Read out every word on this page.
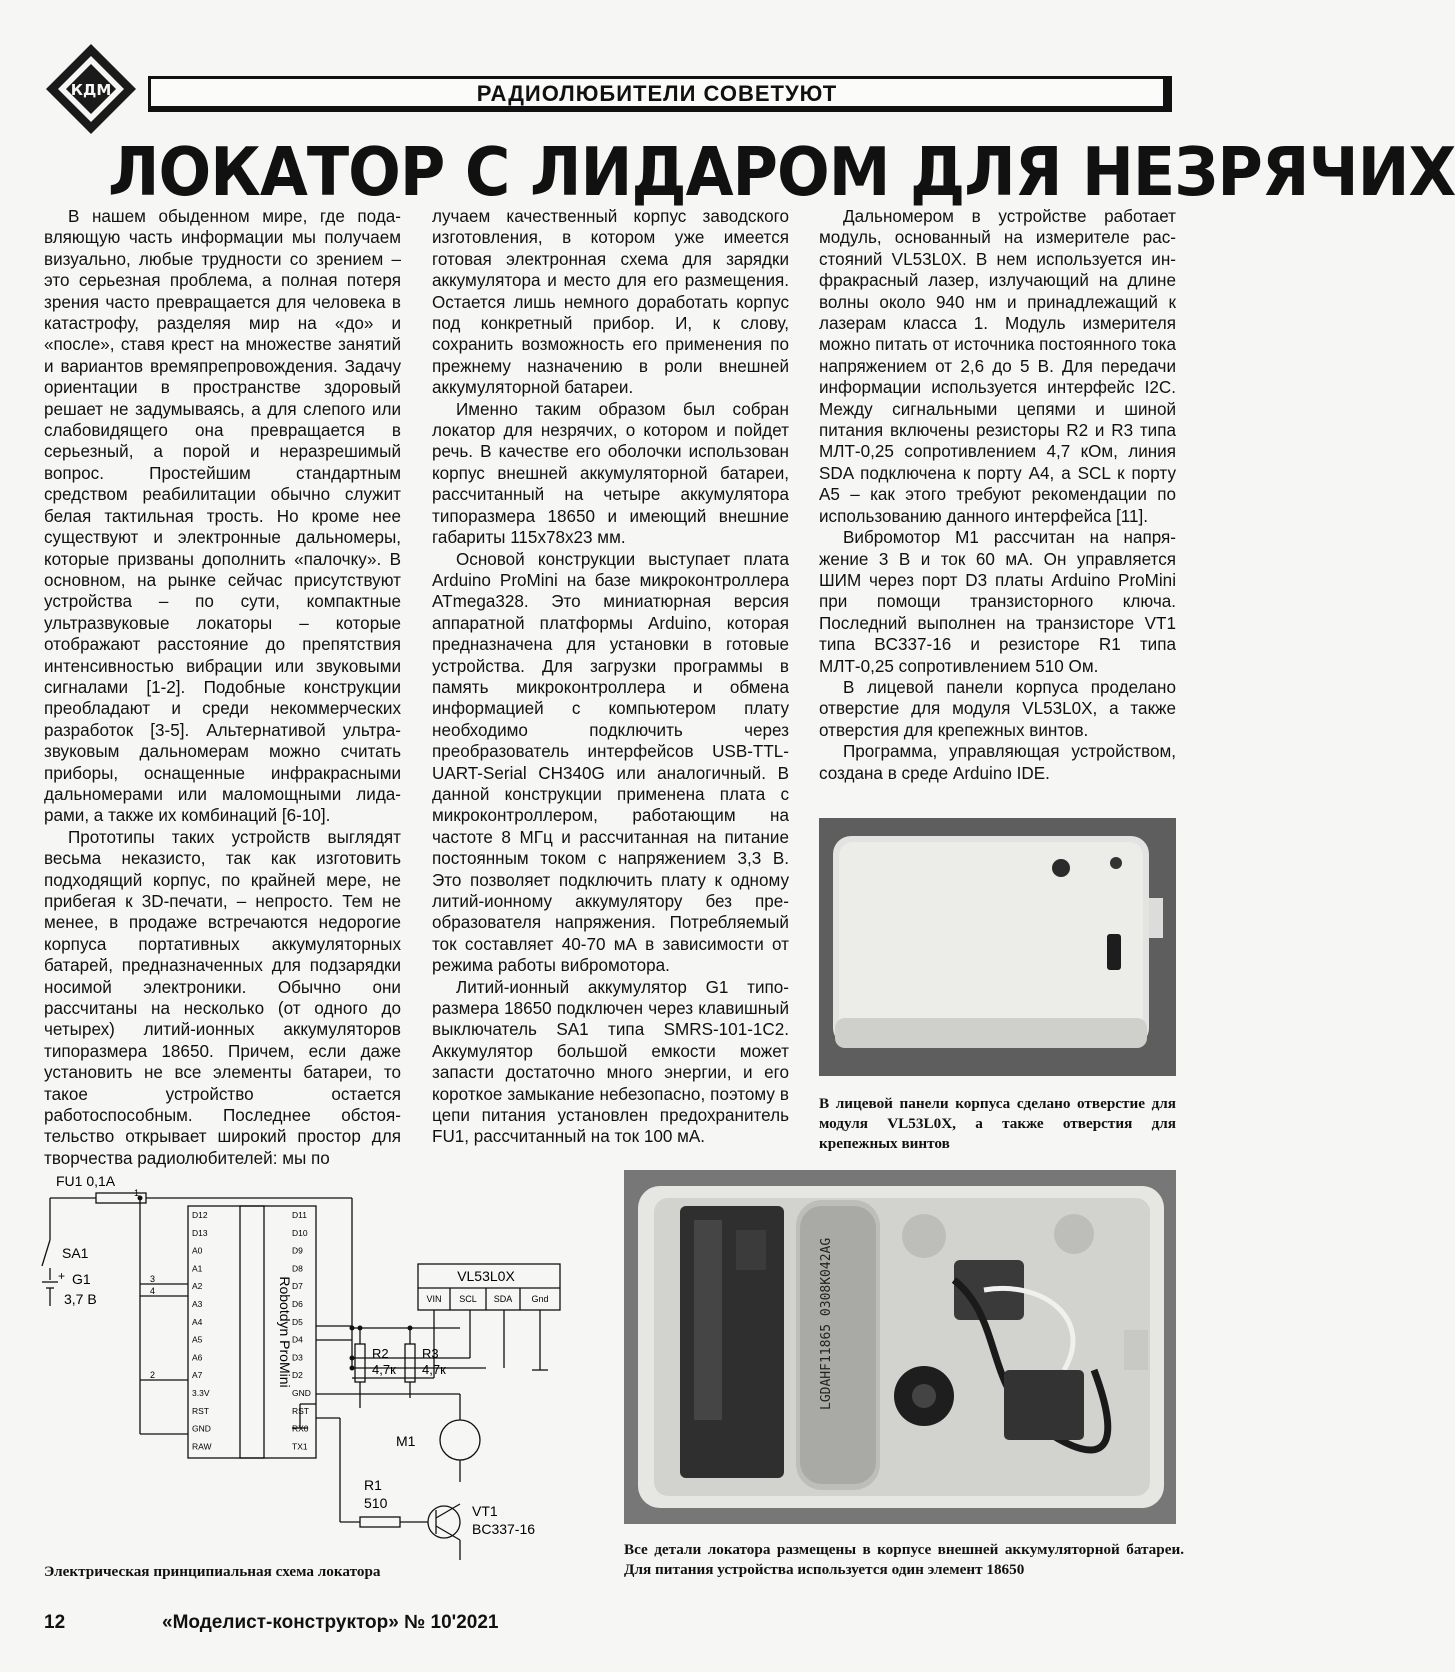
КДМ	РАДИОЛЮБИТЕЛИ СОВЕТУЮТ
ЛОКАТОР С ЛИДАРОМ ДЛЯ НЕЗРЯЧИХ

В нашем обыденном мире, где подавляющую часть информации мы получаем визуально, любые трудности со зрением – это серьезная проблема, а полная потеря зрения часто превращается для человека в катастрофу, разделяя мир на «до» и «после», ставя крест на множестве занятий и вариантов времяпрепровождения. Задачу ориентации в пространстве здоровый решает не задумываясь, а для слепого или слабовидящего она превращается в серьезный, а порой и неразрешимый вопрос. Простейшим стандартным средством реабилитации обычно служит белая тактильная трость. Но кроме нее существуют и электронные дальномеры, которые призваны дополнить «палочку». В основном, на рынке сейчас присутствуют устройства – по сути, компактные ультразвуковые локаторы – которые отображают расстояние до препятствия интенсивностью вибрации или звуковыми сигналами [1-2]. Подобные конструкции преобладают и среди некоммерческих разработок [3-5]. Альтернативой ультразвуковым дальномерам можно считать приборы, оснащенные инфракрасными дальномерами или маломощными лидарами, а также их комбинаций [6-10].

Прототипы таких устройств выглядят весьма неказисто, так как изготовить подходящий корпус, по крайней мере, не прибегая к 3D-печати, – непросто. Тем не менее, в продаже встречаются недорогие корпуса портативных аккумуляторных батарей, предназначенных для подзарядки носимой электроники. Обычно они рассчитаны на несколько (от одного до четырех) литий-ионных аккумуляторов типоразмера 18650. Причем, если даже установить не все элементы батареи, то такое устройство остается работоспособным. Последнее обстоятельство открывает широкий простор для творчества радиолюбителей: мы по

лучаем качественный корпус заводского изготовления, в котором уже имеется готовая электронная схема для зарядки аккумулятора и место для его размещения. Остается лишь немного доработать корпус под конкретный прибор. И, к слову, сохранить возможность его применения по прежнему назначению в роли внешней аккумуляторной батареи.

Именно таким образом был собран локатор для незрячих, о котором и пойдет речь. В качестве его оболочки использован корпус внешней аккумуляторной батареи, рассчитанный на четыре аккумулятора типоразмера 18650 и имеющий внешние габариты 115х78х23 мм.

Основой конструкции выступает плата Arduino ProMini на базе микроконтроллера ATmega328. Это миниатюрная версия аппаратной платформы Arduino, которая предназначена для установки в готовые устройства. Для загрузки программы в память микроконтроллера и обмена информацией с компьютером плату необходимо подключить через преобразователь интерфейсов USB-TTL-UART-Serial CH340G или аналогичный. В данной конструкции применена плата с микроконтроллером, работающим на частоте 8 МГц и рассчитанная на питание постоянным током с напряжением 3,3 В. Это позволяет подключить плату к одному литий-ионному аккумулятору без преобразователя напряжения. Потребляемый ток составляет 40-70 мА в зависимости от режима работы вибромотора.

Литий-ионный аккумулятор G1 типоразмера 18650 подключен через клавишный выключатель SA1 типа SMRS-101-1C2. Аккумулятор большой емкости может запасти достаточно много энергии, и его короткое замыкание небезопасно, поэтому в цепи питания установлен предохранитель FU1, рассчитанный на ток 100 мА.

Дальномером в устройстве работает модуль, основанный на измерителе расстояний VL53L0X. В нем используется инфракрасный лазер, излучающий на длине волны около 940 нм и принадлежащий к лазерам класса 1. Модуль измерителя можно питать от источника постоянного тока напряжением от 2,6 до 5 В. Для передачи информации используется интерфейс I2C. Между сигнальными цепями и шиной питания включены резисторы R2 и R3 типа МЛТ-0,25 сопротивлением 4,7 кОм, линия SDA подключена к порту А4, а SCL к порту А5 – как этого требуют рекомендации по использованию данного интерфейса [11].

Вибромотор M1 рассчитан на напряжение 3 В и ток 60 мА. Он управляется ШИМ через порт D3 платы Arduino ProMini при помощи транзисторного ключа. Последний выполнен на транзисторе VT1 типа BC337-16 и резисторе R1 типа МЛТ-0,25 сопротивлением 510 Ом.

В лицевой панели корпуса проделано отверстие для модуля VL53L0X, а также отверстия для крепежных винтов.

Программа, управляющая устройством, создана в среде Arduino IDE.

LGDAHF11865 0308K042AG
В лицевой панели корпуса сделано отверстие для модуля VL53L0X, а также отверстия для крепежных винтов
Все детали локатора размещены в корпусе внешней аккумуляторной батареи. Для питания устройства используется один элемент 18650
FU1 0,1A
SA1
+ G1
3,7 В
1
2
3
4	Robotdyn ProMini
VL53L0X
VIN SCL SDA Gnd
R2
4,7к
R3
4,7к
M1
R1
510	VT1
BC337-16
D12
D13
A0
A1
A2
A3
A4
A5
A6
A7
3.3V
RST
GND
RAW
D11
D10
D9
D8
D7
D6
D5
D4
D3
D2
GND
RST
RX0
TX1
Электрическая принципиальная схема локатора
12	«Моделист-конструктор» № 10'2021
